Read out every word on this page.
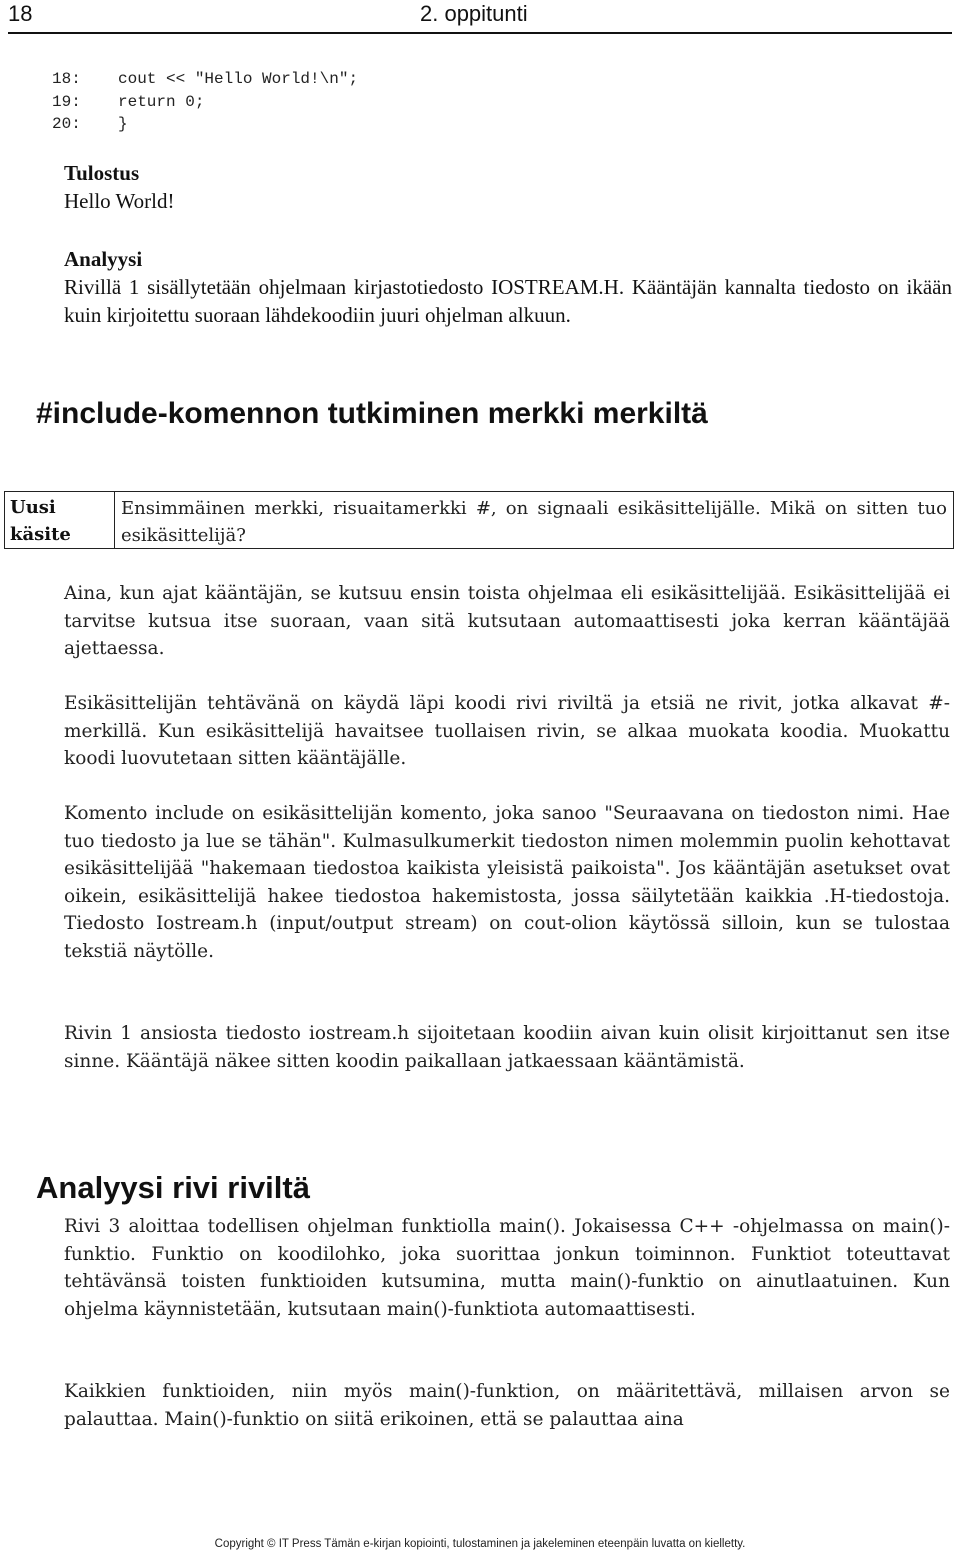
18	2. oppitunti
18: cout << "Hello World!\n";
19: return 0;
20: }
Tulostus
Hello World!
Analyysi
Rivillä 1 sisällytetään ohjelmaan kirjastotiedosto IOSTREAM.H. Kääntäjän kannalta tiedosto on ikään kuin kirjoitettu suoraan lähdekoodiin juuri ohjelman alkuun.
#include-komennon tutkiminen merkki merkiltä
Uusi
käsite
Ensimmäinen merkki, risuaitamerkki #, on signaali esikäsittelijälle. Mikä on sitten tuo esikäsittelijä?
Aina, kun ajat kääntäjän, se kutsuu ensin toista ohjelmaa eli esikäsittelijää. Esikäsittelijää ei tarvitse kutsua itse suoraan, vaan sitä kutsutaan automaattisesti joka kerran kääntäjää ajettaessa.
Esikäsittelijän tehtävänä on käydä läpi koodi rivi riviltä ja etsiä ne rivit, jotka alkavat #-merkillä. Kun esikäsittelijä havaitsee tuollaisen rivin, se alkaa muokata koodia. Muokattu koodi luovutetaan sitten kääntäjälle.
Komento include on esikäsittelijän komento, joka sanoo "Seuraavana on tiedoston nimi. Hae tuo tiedosto ja lue se tähän". Kulmasulkumerkit tiedoston nimen molemmin puolin kehottavat esikäsittelijää "hakemaan tiedostoa kaikista yleisistä paikoista". Jos kääntäjän asetukset ovat oikein, esikäsittelijä hakee tiedostoa hakemistosta, jossa säilytetään kaikkia .H-tiedostoja. Tiedosto Iostream.h (input/output stream) on cout-olion käytössä silloin, kun se tulostaa tekstiä näytölle.
Rivin 1 ansiosta tiedosto iostream.h sijoitetaan koodiin aivan kuin olisit kirjoittanut sen itse sinne. Kääntäjä näkee sitten koodin paikallaan jatkaessaan kääntämistä.
Analyysi rivi riviltä
Rivi 3 aloittaa todellisen ohjelman funktiolla main(). Jokaisessa C++ -ohjelmassa on main()-funktio. Funktio on koodilohko, joka suorittaa jonkun toiminnon. Funktiot toteuttavat tehtävänsä toisten funktioiden kutsumina, mutta main()-funktio on ainutlaatuinen. Kun ohjelma käynnistetään, kutsutaan main()-funktiota automaattisesti.
Kaikkien funktioiden, niin myös main()-funktion, on määritettävä, millaisen arvon se palauttaa. Main()-funktio on siitä erikoinen, että se palauttaa aina
Copyright © IT Press Tämän e-kirjan kopiointi, tulostaminen ja jakeleminen eteenpäin luvatta on kielletty.
